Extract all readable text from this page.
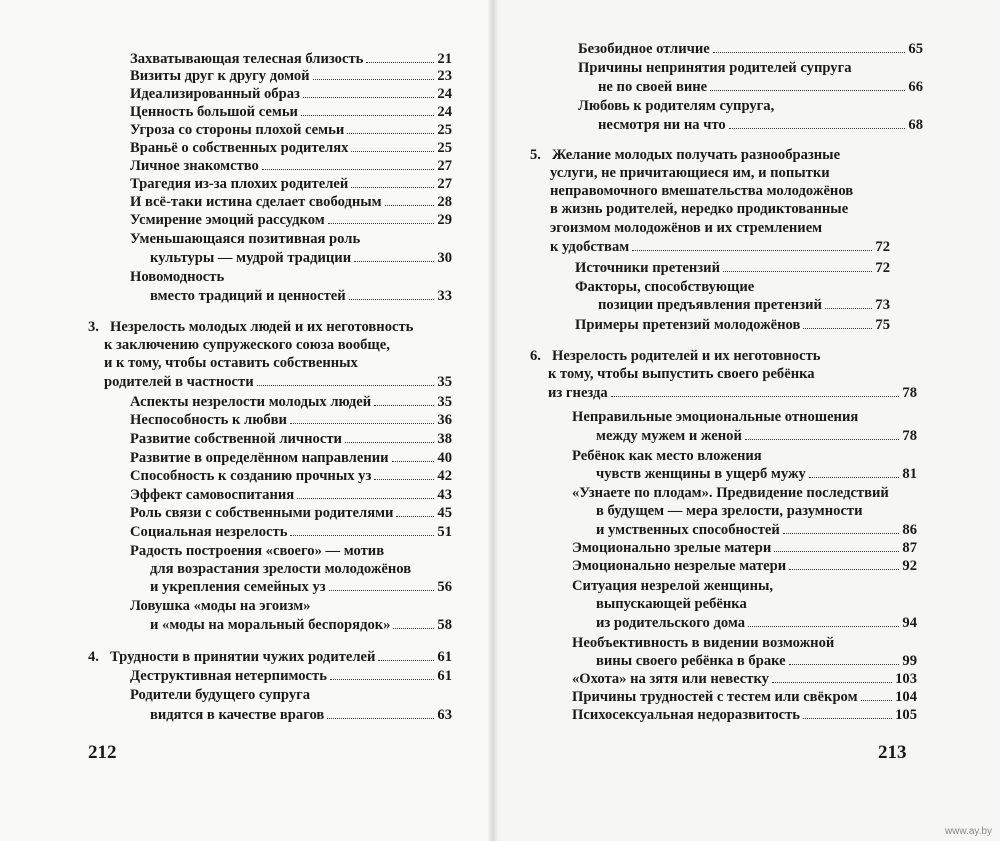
212	213
www.ay.by
Захватывающая телесная близость	21
Визиты друг к другу домой	23
Идеализированный образ	24
Ценность большой семьи	24
Угроза со стороны плохой семьи	25
Враньё о собственных родителях	25
Личное знакомство	27
Трагедия из-за плохих родителей	27
И всё-таки истина сделает свободным	28
Усмирение эмоций рассудком	29
Уменьшающаяся позитивная роль
культуры — мудрой традиции	30
Новомодность
вместо традиций и ценностей	33
3. Незрелость молодых людей и их неготовность
к заключению супружеского союза вообще,
и к тому, чтобы оставить собственных
родителей в частности	35
Аспекты незрелости молодых людей	35
Неспособность к любви	36
Развитие собственной личности	38
Развитие в определённом направлении	40
Способность к созданию прочных уз	42
Эффект самовоспитания	43
Роль связи с собственными родителями	45
Социальная незрелость	51
Радость построения «своего» — мотив
для возрастания зрелости молодожёнов
и укрепления семейных уз	56
Ловушка «моды на эгоизм»
и «моды на моральный беспорядок»	58
4. Трудности в принятии чужих родителей	61
Деструктивная нетерпимость	61
Родители будущего супруга
видятся в качестве врагов	63
Безобидное отличие	65
Причины непринятия родителей супруга
не по своей вине	66
Любовь к родителям супруга,
несмотря ни на что	68
5. Желание молодых получать разнообразные
услуги, не причитающиеся им, и попытки
неправомочного вмешательства молодожёнов
в жизнь родителей, нередко продиктованные
эгоизмом молодожёнов и их стремлением
к удобствам	72
Источники претензий	72
Факторы, способствующие
позиции предъявления претензий	73
Примеры претензий молодожёнов	75
6. Незрелость родителей и их неготовность
к тому, чтобы выпустить своего ребёнка
из гнезда	78
Неправильные эмоциональные отношения
между мужем и женой	78
Ребёнок как место вложения
чувств женщины в ущерб мужу	81
«Узнаете по плодам». Предвидение последствий
в будущем — мера зрелости, разумности
и умственных способностей	86
Эмоционально зрелые матери	87
Эмоционально незрелые матери	92
Ситуация незрелой женщины,
выпускающей ребёнка
из родительского дома	94
Необъективность в видении возможной
вины своего ребёнка в браке	99
«Охота» на зятя или невестку	103
Причины трудностей с тестем или свёкром	104
Психосексуальная недоразвитость	105
